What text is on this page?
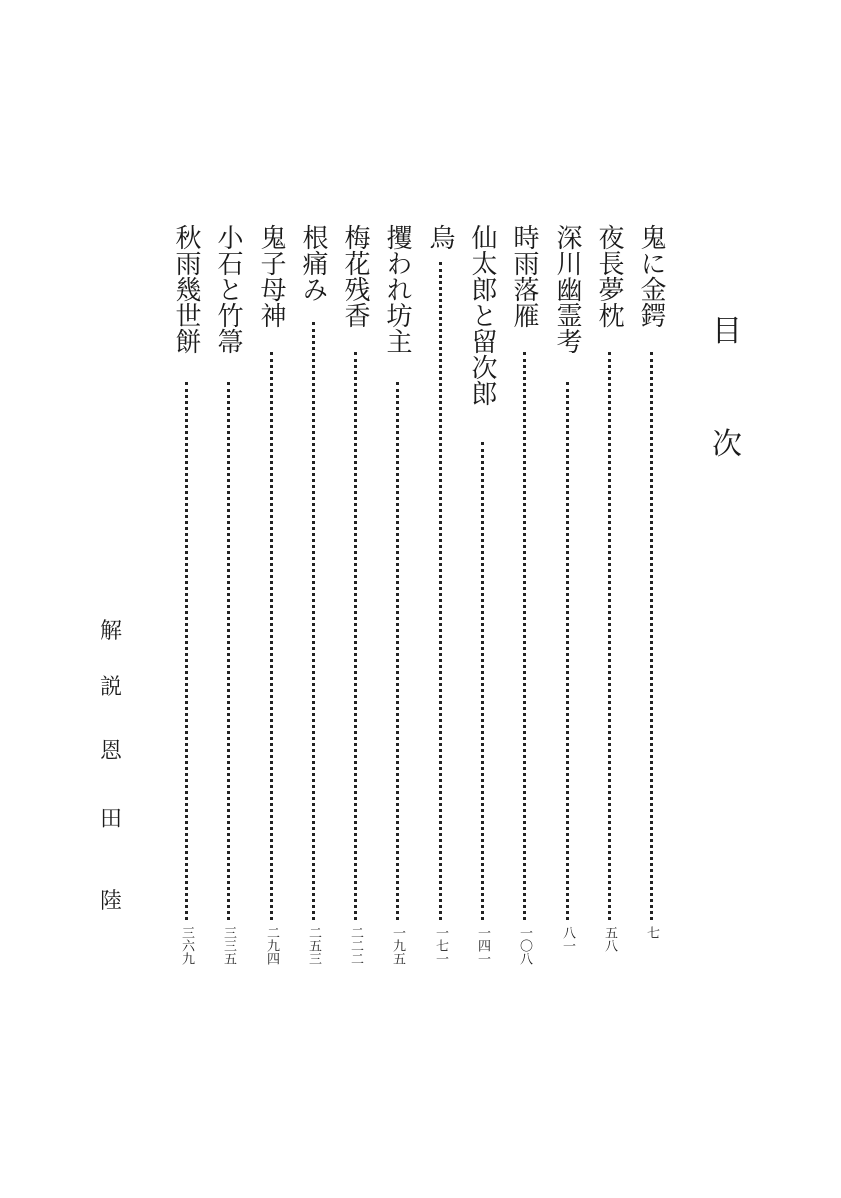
目
次
鬼に金鍔
七
夜長夢枕
五八
深川幽霊考
八一
時雨落雁
一〇八
仙太郎と留次郎
一四一
烏
一七一
攫われ坊主
一九五
梅花残香
二二二
根痛み
二五三
鬼子母神
二九四
小石と竹箒
三三五
秋雨幾世餅
三六九
解
説
恩
田
陸
